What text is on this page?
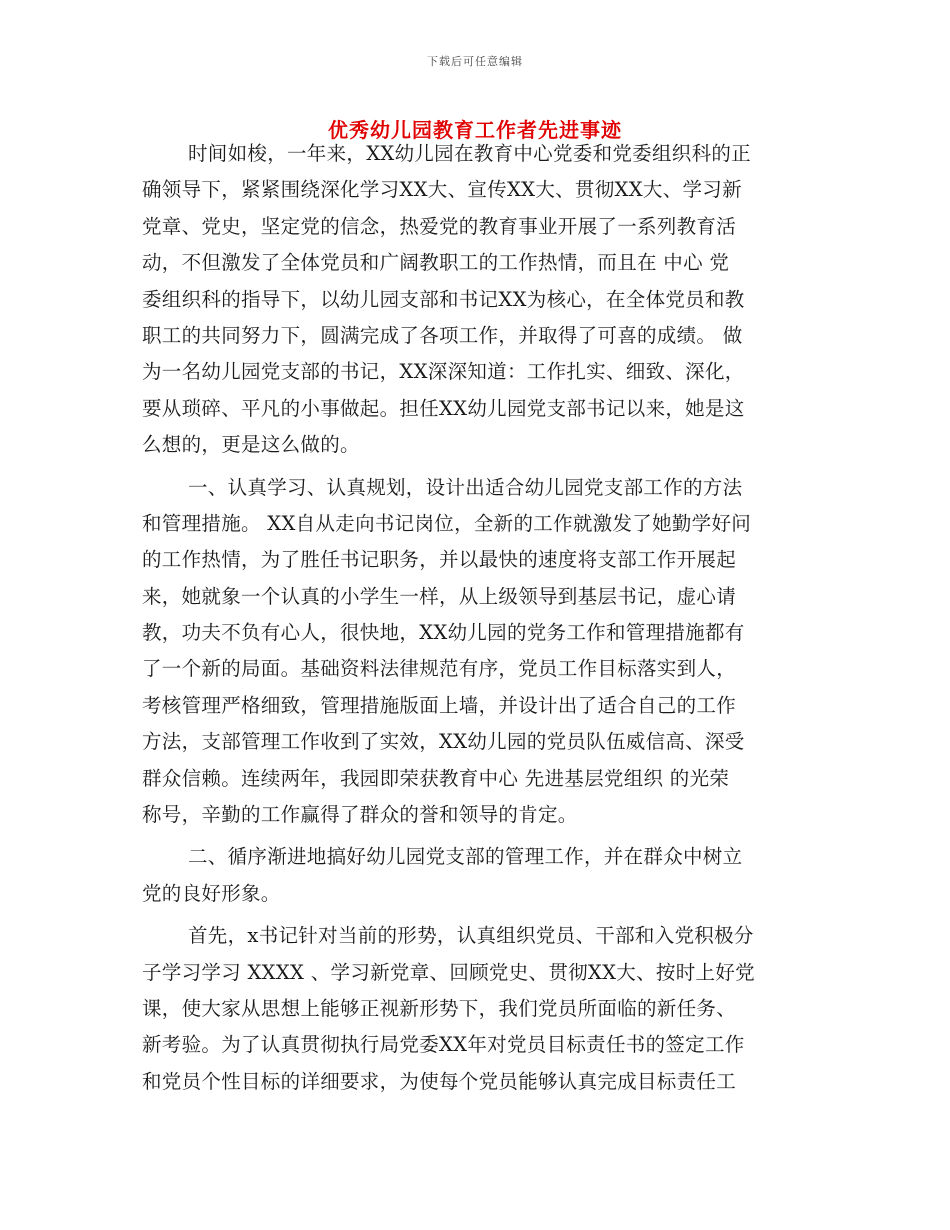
下载后可任意编辑
优秀幼儿园教育工作者先进事迹
时间如梭，一年来，XX幼儿园在教育中心党委和党委组织科的正
确领导下，紧紧围绕深化学习XX大、宣传XX大、贯彻XX大、学习新
党章、党史，坚定党的信念，热爱党的教育事业开展了一系列教育活
动，不但激发了全体党员和广阔教职工的工作热情，而且在 中心 党
委组织科的指导下，以幼儿园支部和书记XX为核心，在全体党员和教
职工的共同努力下，圆满完成了各项工作，并取得了可喜的成绩。 做
为一名幼儿园党支部的书记，XX深深知道：工作扎实、细致、深化，
要从琐碎、平凡的小事做起。担任XX幼儿园党支部书记以来，她是这
么想的，更是这么做的。
一、认真学习、认真规划，设计出适合幼儿园党支部工作的方法
和管理措施。 XX自从走向书记岗位，全新的工作就激发了她勤学好问
的工作热情，为了胜任书记职务，并以最快的速度将支部工作开展起
来，她就象一个认真的小学生一样，从上级领导到基层书记，虚心请
教，功夫不负有心人，很快地，XX幼儿园的党务工作和管理措施都有
了一个新的局面。基础资料法律规范有序，党员工作目标落实到人，
考核管理严格细致，管理措施版面上墙，并设计出了适合自己的工作
方法，支部管理工作收到了实效，XX幼儿园的党员队伍威信高、深受
群众信赖。连续两年，我园即荣获教育中心 先进基层党组织 的光荣
称号，辛勤的工作赢得了群众的誉和领导的肯定。
二、循序渐进地搞好幼儿园党支部的管理工作，并在群众中树立
党的良好形象。
首先，x书记针对当前的形势，认真组织党员、干部和入党积极分
子学习学习 XXXX 、学习新党章、回顾党史、贯彻XX大、按时上好党
课，使大家从思想上能够正视新形势下，我们党员所面临的新任务、
新考验。为了认真贯彻执行局党委XX年对党员目标责任书的签定工作
和党员个性目标的详细要求，为使每个党员能够认真完成目标责任工
